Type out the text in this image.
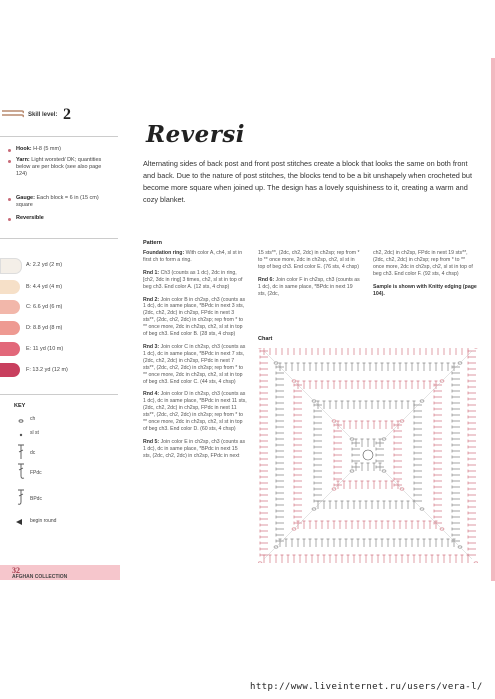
Skill level: 2
Hook: H-8 (5 mm)
Yarn: Light worsted/ DK; quantities below are per block (see also page 124)
Gauge: Each block = 6 in (15 cm) square
Reversible
A: 2.2 yd (2 m)
B: 4.4 yd (4 m)
C: 6.6 yd (6 m)
D: 8.8 yd (8 m)
E: 11 yd (10 m)
F: 13.2 yd (12 m)
KEY
ch
sl st
dc
FPdc
BPdc
begin round
32
AFGHAN COLLECTION
Reversi
Alternating sides of back post and front post stitches create a block that looks the same on both front and back. Due to the nature of post stitches, the blocks tend to be a bit unshapely when crocheted but become more square when joined up. The design has a lovely squishiness to it, creating a warm and cozy blanket.
Pattern

Foundation ring: With color A, ch4, sl st in first ch to form a ring.

Rnd 1: Ch3 (counts as 1 dc), 2dc in ring, [ch2, 3dc in ring] 3 times, ch2, sl st in top of beg ch3. End color A. (12 sts, 4 chsp)

Rnd 2: Join color B in ch2sp, ch3 (counts as 1 dc), dc in same place, *BPdc in next 3 sts, (2dc, ch2, 2dc) in ch2sp, FPdc in next 3 sts**, (2dc, ch2, 2dc) in ch2sp; rep from * to ** once more, 2dc in ch2sp, ch2, sl st in top of beg ch3. End color B. (28 sts, 4 chsp)

Rnd 3: Join color C in ch2sp, ch3 (counts as 1 dc), dc in same place, *BPdc in next 7 sts, (2dc, ch2, 2dc) in ch2sp, FPdc in next 7 sts**, (2dc, ch2, 2dc) in ch2sp; rep from * to ** once more, 2dc in ch2sp, ch2, sl st in top of beg ch3. End color C. (44 sts, 4 chsp)

Rnd 4: Join color D in ch2sp, ch3 (counts as 1 dc), dc in same place, *BPdc in next 11 sts, (2dc, ch2, 2dc) in ch2sp, FPdc in next 11 sts**, (2dc, ch2, 2dc) in ch2sp; rep from * to ** once more, 2dc in ch2sp, ch2, sl st in top of beg ch3. End color D. (60 sts, 4 chsp)

Rnd 5: Join color E in ch2sp, ch3 (counts as 1 dc), dc in same place, *BPdc in next 15 sts, (2dc, ch2, 2dc) in ch2sp, FPdc in next

15 sts**, (2dc, ch2, 2dc) in ch2sp; rep from * to ** once more, 2dc in ch2sp, ch2, sl st in top of beg ch3. End color E. (76 sts, 4 chsp)

Rnd 6: Join color F in ch2sp, ch3 (counts as 1 dc), dc in same place, *BPdc in next 19 sts, (2dc,

ch2, 2dc) in ch2sp, FPdc in next 19 sts**, (2dc, ch2, 2dc) in ch2sp; rep from * to ** once more, 2dc in ch2sp, ch2, sl st in top of beg ch3. End color F. (92 sts, 4 chsp)

Sample is shown with Knitty edging (page 104).

Chart
http://www.liveinternet.ru/users/vera-l/
